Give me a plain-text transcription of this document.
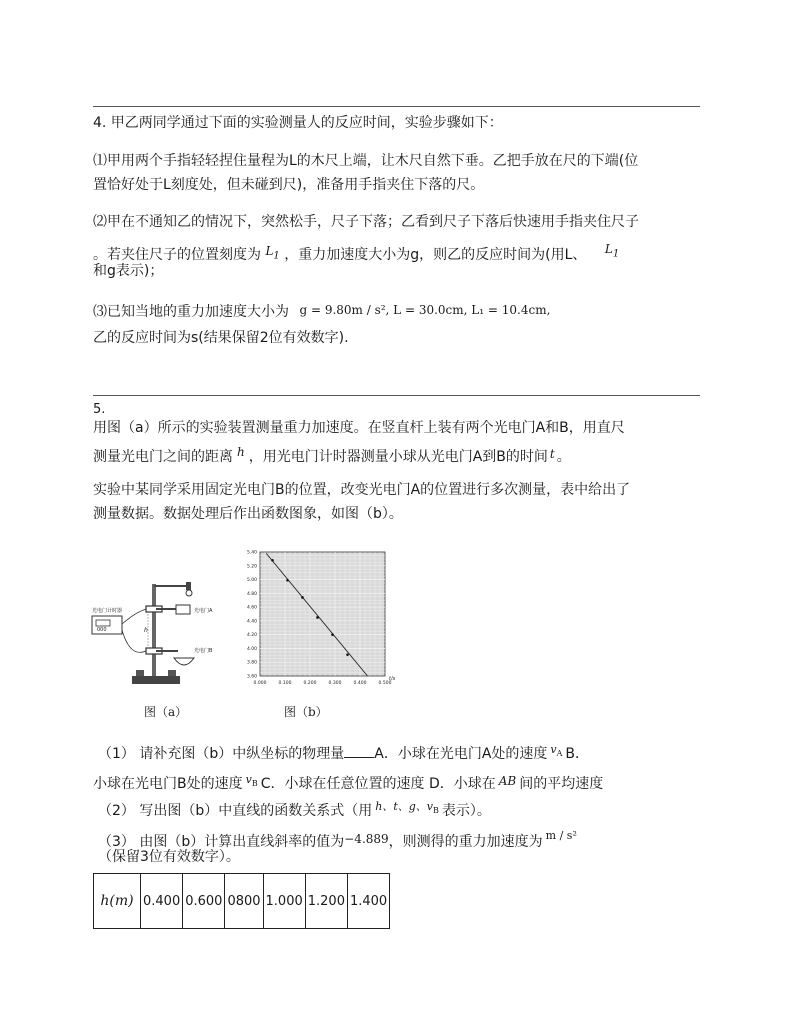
4. 甲乙两同学通过下面的实验测量人的反应时间，实验步骤如下：
⑴甲用两个手指轻轻捏住量程为L的木尺上端，让木尺自然下垂。乙把手放在尺的下端(位
置恰好处于L刻度处，但未碰到尺)，准备用手指夹住下落的尺。
⑵甲在不通知乙的情况下，突然松手，尺子下落；乙看到尺子下落后快速用手指夹住尺子
。若夹住尺子的位置刻度为 $L_1$ ，重力加速度大小为g，则乙的反应时间为(用L、 $L_1$
和g表示)；
⑶已知当地的重力加速度大小为 g = 9.80m / s², L = 30.0cm, L₁ = 10.4cm,
乙的反应时间为s(结果保留2位有效数字).
5.
用图（a）所示的实验装置测量重力加速度。在竖直杆上装有两个光电门A和B，用直尺
测量光电门之间的距离 h ，用光电门计时器测量小球从光电门A到B的时间 t 。
实验中某同学采用固定光电门B的位置，改变光电门A的位置进行多次测量，表中给出了
测量数据。数据处理后作出函数图象，如图（b）。
光电门A
h
光电门B
000
光电门计时器
图（a）
3.60
3.80
4.00
4.20
4.40
4.60
4.80
5.00
5.20
5.40
0.000	0.100	0.200	0.300	0.400	0.500
t/s
图（b）
（1） 请补充图（b）中纵坐标的物理量 A．小球在光电门A处的速度 $^{v_A}$ B．
小球在光电门B处的速度 $^{v_B}$ C．小球在任意位置的速度 D．小球在 AB 间的平均速度
（2） 写出图（b）中直线的函数关系式（用 $^{h、t、g、v_B}$ 表示）。
（3） 由图（b）计算出直线斜率的值为−4.889，则测得的重力加速度为 $^{m / s^2}$
（保留3位有效数字）。
h(m)	0.400	0.600	0800	1.000	1.200	1.400
